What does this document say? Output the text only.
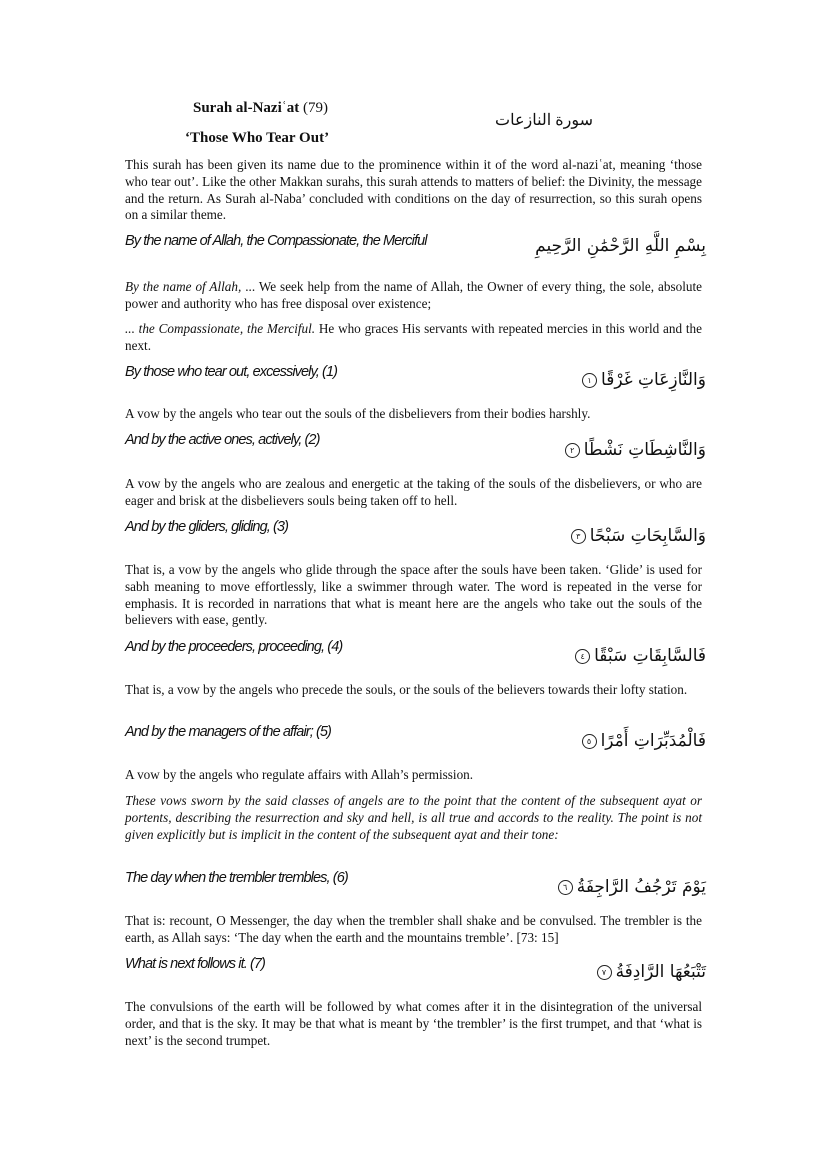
Surah al-Naziʿat (79)
سورة النازعات
‘Those Who Tear Out’

This surah has been given its name due to the prominence within it of the word al-naziʿat, meaning ‘those who tear out’. Like the other Makkan surahs, this surah attends to matters of belief: the Divinity, the message and the return. As Surah al-Naba’ concluded with conditions on the day of resurrection, so this surah opens on a similar theme.

By the name of Allah, the Compassionate, the Merciful	بِسْمِ اللَّهِ الرَّحْمَٰنِ الرَّحِيمِ

By the name of Allah, ... We seek help from the name of Allah, the Owner of every thing, the sole, absolute power and authority who has free disposal over existence;

... the Compassionate, the Merciful. He who graces His servants with repeated mercies in this world and the next.

By those who tear out, excessively, (1)	وَالنَّازِعَاتِ غَرْقًا١

A vow by the angels who tear out the souls of the disbelievers from their bodies harshly.

And by the active ones, actively, (2)	وَالنَّاشِطَاتِ نَشْطًا٢

A vow by the angels who are zealous and energetic at the taking of the souls of the disbelievers, or who are eager and brisk at the disbelievers souls being taken off to hell.

And by the gliders, gliding, (3)	وَالسَّابِحَاتِ سَبْحًا٣

That is, a vow by the angels who glide through the space after the souls have been taken. ‘Glide’ is used for sabh meaning to move effortlessly, like a swimmer through water. The word is repeated in the verse for emphasis. It is recorded in narrations that what is meant here are the angels who take out the souls of the believers with ease, gently.

And by the proceeders, proceeding, (4)	فَالسَّابِقَاتِ سَبْقًا٤

That is, a vow by the angels who precede the souls, or the souls of the believers towards their lofty station.

And by the managers of the affair; (5)	فَالْمُدَبِّرَاتِ أَمْرًا٥

A vow by the angels who regulate affairs with Allah’s permission.

These vows sworn by the said classes of angels are to the point that the content of the subsequent ayat or portents, describing the resurrection and sky and hell, is all true and accords to the reality. The point is not given explicitly but is implicit in the content of the subsequent ayat and their tone:

The day when the trembler trembles, (6)	يَوْمَ تَرْجُفُ الرَّاجِفَةُ٦

That is: recount, O Messenger, the day when the trembler shall shake and be convulsed. The trembler is the earth, as Allah says: ‘The day when the earth and the mountains tremble’. [73: 15]

What is next follows it. (7)	تَتْبَعُهَا الرَّادِفَةُ٧

The convulsions of the earth will be followed by what comes after it in the disintegration of the universal order, and that is the sky. It may be that what is meant by ‘the trembler’ is the first trumpet, and that ‘what is next’ is the second trumpet.
